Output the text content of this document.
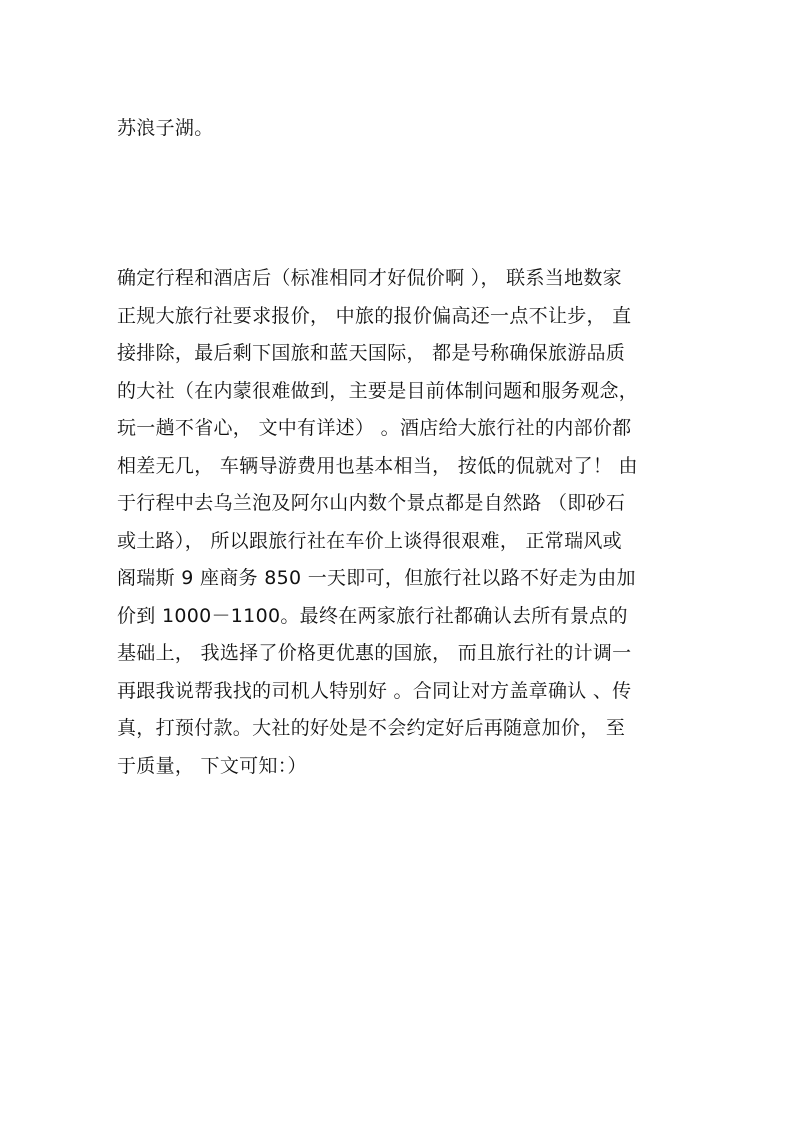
苏浪子湖。
确定行程和酒店后（标准相同才好侃价啊 ）， 联系当地数家
正规大旅行社要求报价， 中旅的报价偏高还一点不让步， 直
接排除，最后剩下国旅和蓝天国际， 都是号称确保旅游品质
的大社（在内蒙很难做到，主要是目前体制问题和服务观念，
玩一趟不省心， 文中有详述） 。酒店给大旅行社的内部价都
相差无几， 车辆导游费用也基本相当， 按低的侃就对了！ 由
于行程中去乌兰泡及阿尔山内数个景点都是自然路 （即砂石
或土路）， 所以跟旅行社在车价上谈得很艰难， 正常瑞风或
阁瑞斯 9 座商务 850 一天即可，但旅行社以路不好走为由加
价到 1000－1100。最终在两家旅行社都确认去所有景点的
基础上， 我选择了价格更优惠的国旅， 而且旅行社的计调一
再跟我说帮我找的司机人特别好 。合同让对方盖章确认 、传
真，打预付款。大社的好处是不会约定好后再随意加价， 至
于质量， 下文可知：）
